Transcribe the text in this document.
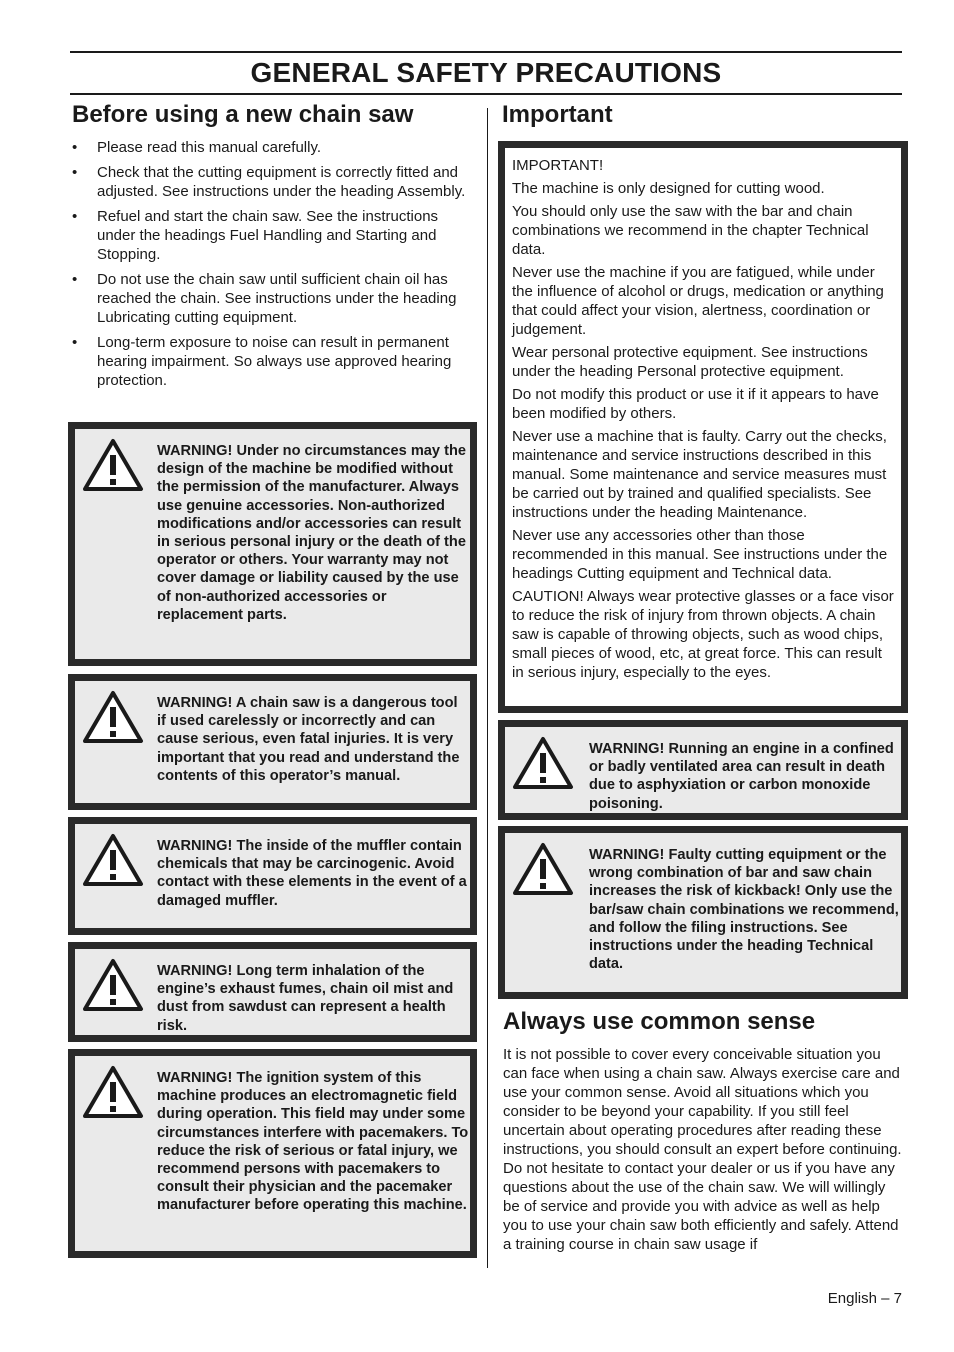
GENERAL SAFETY PRECAUTIONS
Before using a new chain saw
• Please read this manual carefully.
• Check that the cutting equipment is correctly fitted and adjusted. See instructions under the heading Assembly.
• Refuel and start the chain saw. See the instructions under the headings Fuel Handling and Starting and Stopping.
• Do not use the chain saw until sufficient chain oil has reached the chain. See instructions under the heading Lubricating cutting equipment.
• Long-term exposure to noise can result in permanent hearing impairment. So always use approved hearing protection.
WARNING! Under no circumstances may the design of the machine be modified without the permission of the manufacturer. Always use genuine accessories. Non-authorized modifications and/or accessories can result in serious personal injury or the death of the operator or others. Your warranty may not cover damage or liability caused by the use of non-authorized accessories or replacement parts.
WARNING! A chain saw is a dangerous tool if used carelessly or incorrectly and can cause serious, even fatal injuries. It is very important that you read and understand the contents of this operator’s manual.
WARNING! The inside of the muffler contain chemicals that may be carcinogenic. Avoid contact with these elements in the event of a damaged muffler.
WARNING! Long term inhalation of the engine’s exhaust fumes, chain oil mist and dust from sawdust can represent a health risk.
WARNING! The ignition system of this machine produces an electromagnetic field during operation. This field may under some circumstances interfere with pacemakers. To reduce the risk of serious or fatal injury, we recommend persons with pacemakers to consult their physician and the pacemaker manufacturer before operating this machine.
Important

IMPORTANT!

The machine is only designed for cutting wood.

You should only use the saw with the bar and chain combinations we recommend in the chapter Technical data.

Never use the machine if you are fatigued, while under the influence of alcohol or drugs, medication or anything that could affect your vision, alertness, coordination or judgement.

Wear personal protective equipment. See instructions under the heading Personal protective equipment.

Do not modify this product or use it if it appears to have been modified by others.

Never use a machine that is faulty. Carry out the checks, maintenance and service instructions described in this manual. Some maintenance and service measures must be carried out by trained and qualified specialists. See instructions under the heading Maintenance.

Never use any accessories other than those recommended in this manual. See instructions under the headings Cutting equipment and Technical data.

CAUTION! Always wear protective glasses or a face visor to reduce the risk of injury from thrown objects. A chain saw is capable of throwing objects, such as wood chips, small pieces of wood, etc, at great force. This can result in serious injury, especially to the eyes.

WARNING! Running an engine in a confined or badly ventilated area can result in death due to asphyxiation or carbon monoxide poisoning.
WARNING! Faulty cutting equipment or the wrong combination of bar and saw chain increases the risk of kickback! Only use the bar/saw chain combinations we recommend, and follow the filing instructions. See instructions under the heading Technical data.
Always use common sense

It is not possible to cover every conceivable situation you can face when using a chain saw. Always exercise care and use your common sense. Avoid all situations which you consider to be beyond your capability. If you still feel uncertain about operating procedures after reading these instructions, you should consult an expert before continuing. Do not hesitate to contact your dealer or us if you have any questions about the use of the chain saw. We will willingly be of service and provide you with advice as well as help you to use your chain saw both efficiently and safely. Attend a training course in chain saw usage if

English – 7
